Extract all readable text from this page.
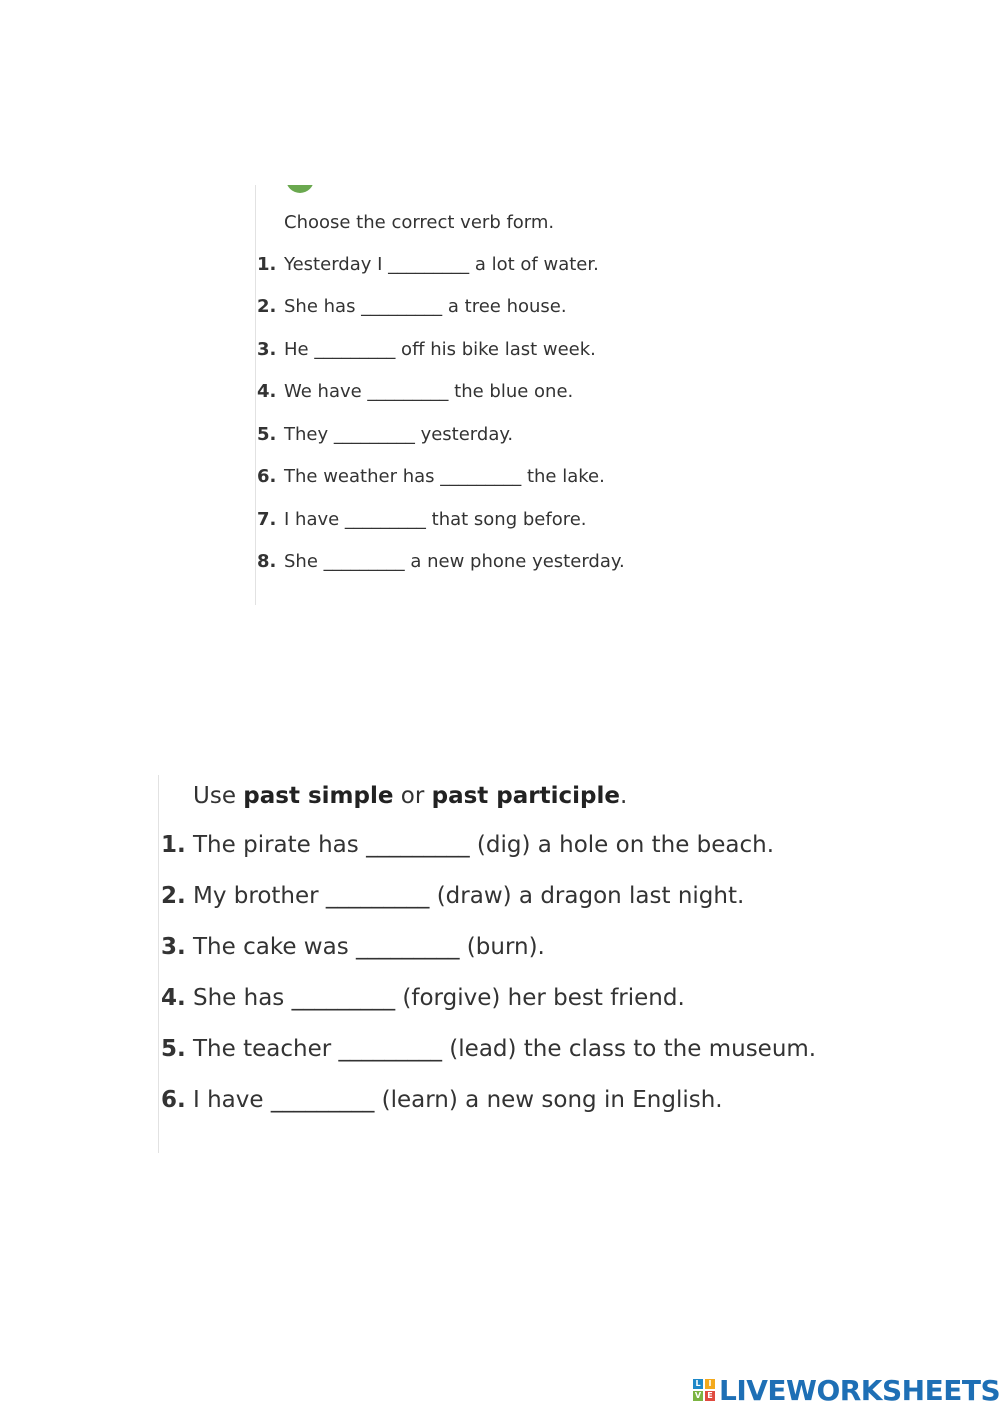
Choose the correct verb form.
1. Yesterday I _________ a lot of water.
2. She has _________ a tree house.
3. He _________ off his bike last week.
4. We have _________ the blue one.
5. They _________ yesterday.
6. The weather has _________ the lake.
7. I have _________ that song before.
8. She _________ a new phone yesterday.
Use past simple or past participle.
1. The pirate has _________ (dig) a hole on the beach.
2. My brother _________ (draw) a dragon last night.
3. The cake was _________ (burn).
4. She has _________ (forgive) her best friend.
5. The teacher _________ (lead) the class to the museum.
6. I have _________ (learn) a new song in English.
L I
V E LIVEWORKSHEETS
